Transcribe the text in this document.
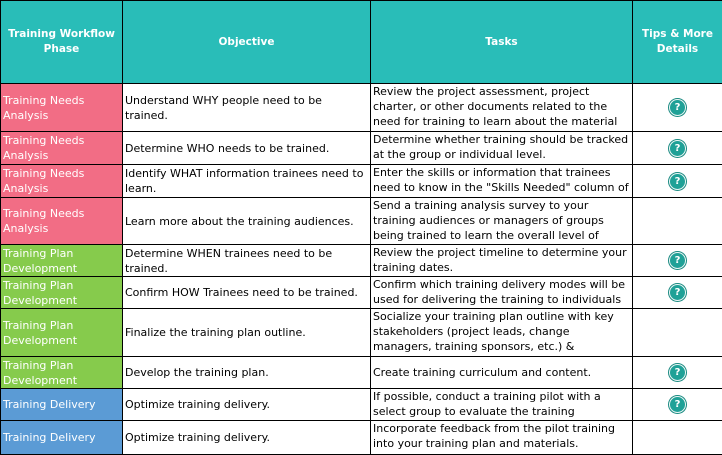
Training Workflow Phase	Objective	Tasks	Tips & More Details
Training Needs Analysis	Understand WHY people need to be trained.	Review the project assessment, project charter, or other documents related to the need for training to learn about the material	?
Training Needs Analysis	Determine WHO needs to be trained.	Determine whether training should be tracked at the group or individual level.	?
Training Needs Analysis	Identify WHAT information trainees need to learn.	Enter the skills or information that trainees need to know in the "Skills Needed" column of	?
Training Needs Analysis	Learn more about the training audiences.	Send a training analysis survey to your training audiences or managers of groups being trained to learn the overall level of	

Training Plan Development	Determine WHEN trainees need to be trained.	Review the project timeline to determine your training dates.	?
Training Plan Development	Confirm HOW Trainees need to be trained.	Confirm which training delivery modes will be used for delivering the training to individuals	?
Training Plan Development	Finalize the training plan outline.	Socialize your training plan outline with key stakeholders (project leads, change managers, training sponsors, etc.) &	

Training Plan Development	Develop the training plan.	Create training curriculum and content.	?
Training Delivery	Optimize training delivery.	If possible, conduct a training pilot with a select group to evaluate the training	?
Training Delivery	Optimize training delivery.	Incorporate feedback from the pilot training into your training plan and materials.	
